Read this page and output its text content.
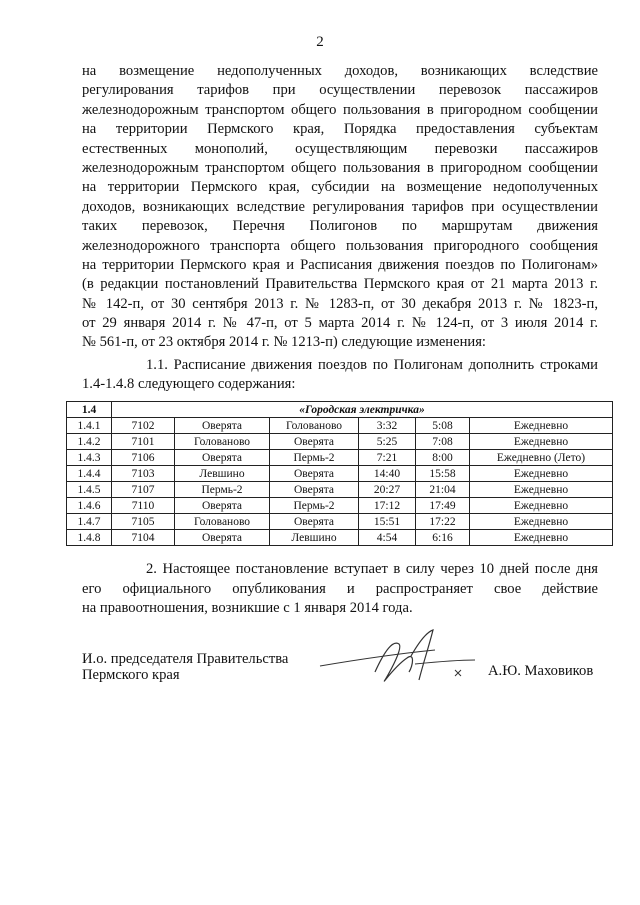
2
на возмещение недополученных доходов, возникающих вследствие
регулирования тарифов при осуществлении перевозок пассажиров
железнодорожным транспортом общего пользования в пригородном сообщении
на территории Пермского края, Порядка предоставления субъектам
естественных монополий, осуществляющим перевозки пассажиров
железнодорожным транспортом общего пользования в пригородном сообщении
на территории Пермского края, субсидии на возмещение недополученных
доходов, возникающих вследствие регулирования тарифов при осуществлении
таких перевозок, Перечня Полигонов по маршрутам движения
железнодорожного транспорта общего пользования пригородного сообщения
на территории Пермского края и Расписания движения поездов по Полигонам»
(в редакции постановлений Правительства Пермского края от 21 марта 2013 г.
№ 142-п, от 30 сентября 2013 г. № 1283-п, от 30 декабря 2013 г. № 1823-п,
от 29 января 2014 г. № 47-п, от 5 марта 2014 г. № 124-п, от 3 июля 2014 г.
№ 561-п, от 23 октября 2014 г. № 1213-п) следующие изменения:
1.1. Расписание движения поездов по Полигонам дополнить строками
1.4-1.4.8 следующего содержания:
1.4	«Городская электричка»					
1.4.1	7102	Оверята	Голованово	3:32	5:08	Ежедневно
1.4.2	7101	Голованово	Оверята	5:25	7:08	Ежедневно
1.4.3	7106	Оверята	Пермь-2	7:21	8:00	Ежедневно (Лето)
1.4.4	7103	Левшино	Оверята	14:40	15:58	Ежедневно
1.4.5	7107	Пермь-2	Оверята	20:27	21:04	Ежедневно
1.4.6	7110	Оверята	Пермь-2	17:12	17:49	Ежедневно
1.4.7	7105	Голованово	Оверята	15:51	17:22	Ежедневно
1.4.8	7104	Оверята	Левшино	4:54	6:16	Ежедневно
2. Настоящее постановление вступает в силу через 10 дней после дня
его официального опубликования и распространяет свое действие
на правоотношения, возникшие с 1 января 2014 года.
И.о. председателя Правительства
Пермского края	А.Ю. Маховиков
